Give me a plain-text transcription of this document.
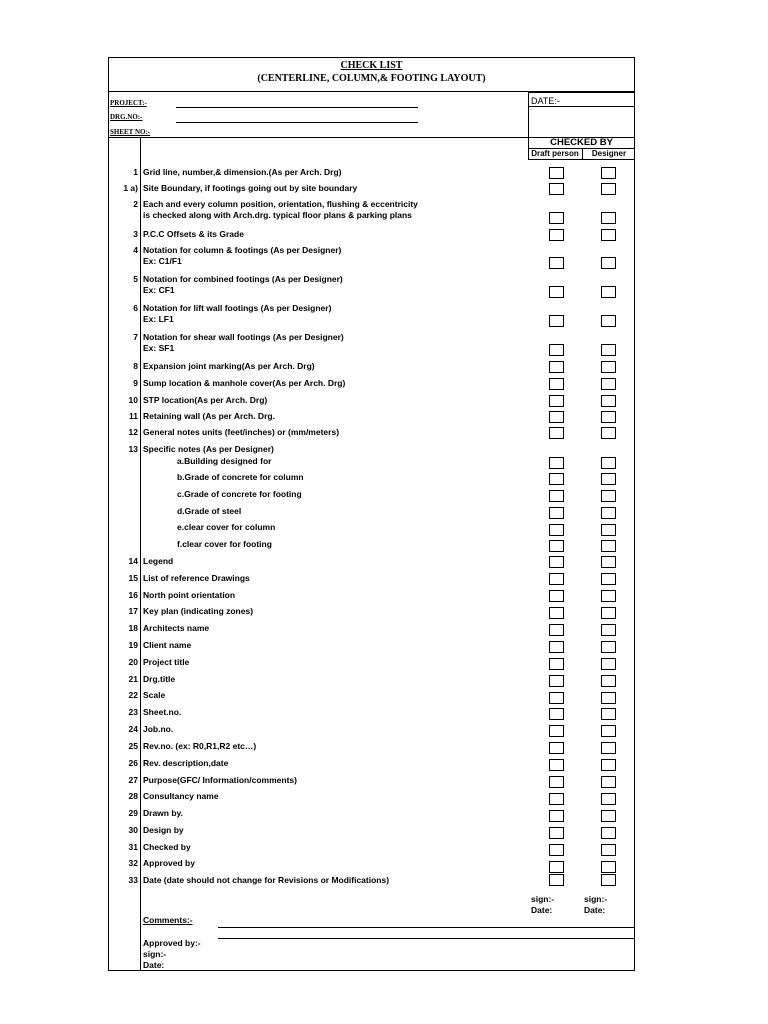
CHECK LIST
(CENTERLINE, COLUMN,& FOOTING LAYOUT)
PROJECT:-
DRG.NO:-
SHEET NO:-
DATE:-
CHECKED BY
Draft person	Designer
1 Grid line, number,& dimension.(As per Arch. Drg)
1 a) Site Boundary, if footings going out by site boundary
2 Each and every column position, orientation, flushing & eccentricity
is checked along with Arch.drg. typical floor plans & parking plans
3 P.C.C Offsets & its Grade
4 Notation for column & footings (As per Designer)
Ex: C1/F1
5 Notation for combined footings (As per Designer)
Ex: CF1
6 Notation for lift wall footings (As per Designer)
Ex: LF1
7 Notation for shear wall footings (As per Designer)
Ex: SF1
8 Expansion joint marking(As per Arch. Drg)
9 Sump location & manhole cover(As per Arch. Drg)
10 STP location(As per Arch. Drg)
11 Retaining wall (As per Arch. Drg.
12 General notes units (feet/inches) or (mm/meters)
13 Specific notes (As per Designer)
a.Building designed for
b.Grade of concrete for column
c.Grade of concrete for footing
d.Grade of steel
e.clear cover for column
f.clear cover for footing
14 Legend
15 List of reference Drawings
16 North point orientation
17 Key plan (indicating zones)
18 Architects name
19 Client name
20 Project title
21 Drg.title
22 Scale
23 Sheet.no.
24 Job.no.
25 Rev.no. (ex: R0,R1,R2 etc…)
26 Rev. description,date
27 Purpose(GFC/ Information/comments)
28 Consultancy name
29 Drawn by.
30 Design by
31 Checked by
32 Approved by
33 Date (date should not change for Revisions or Modifications)
sign:-
Date:
sign:-
Date:
Comments:-
Approved by:-
sign:-
Date:
